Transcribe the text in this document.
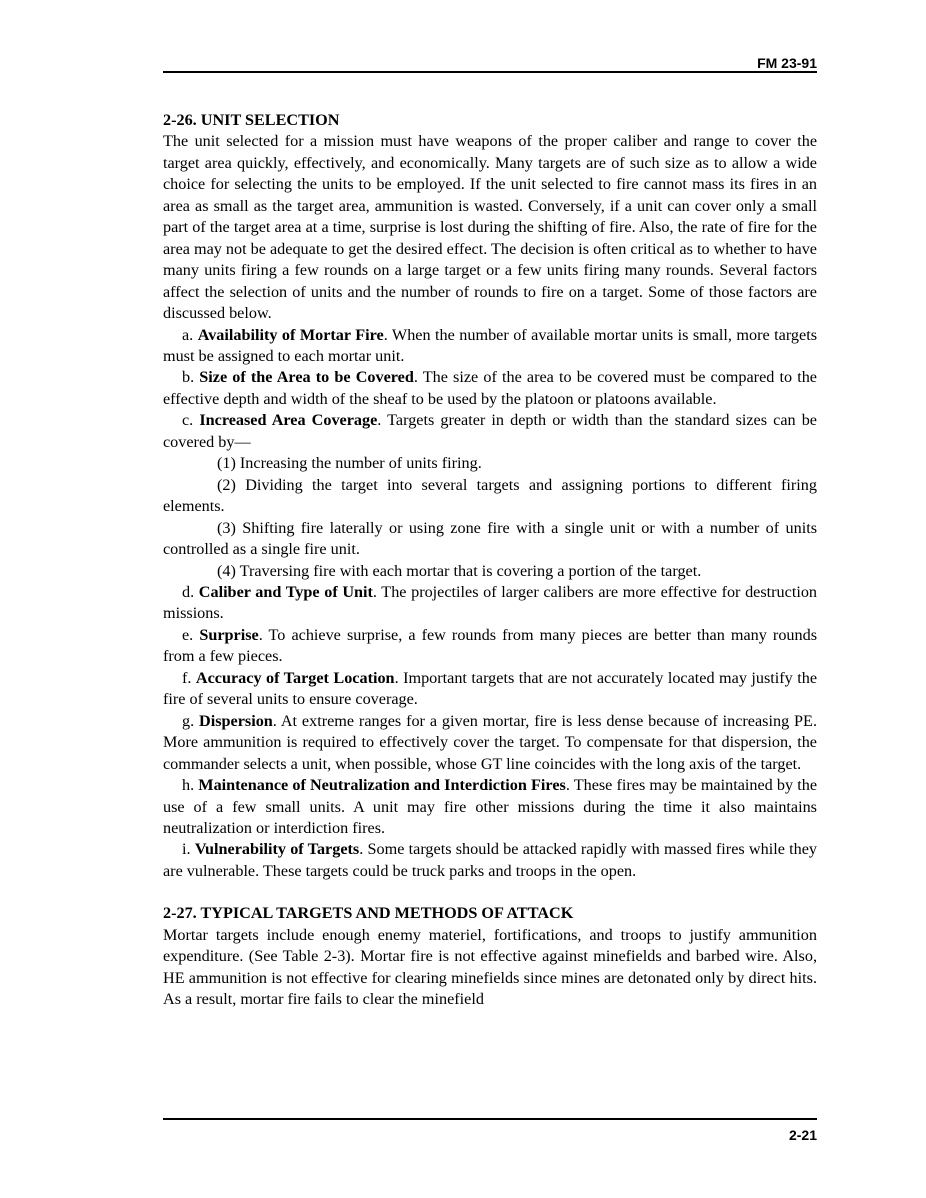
FM 23-91

2-26. UNIT SELECTION

The unit selected for a mission must have weapons of the proper caliber and range to cover the target area quickly, effectively, and economically. Many targets are of such size as to allow a wide choice for selecting the units to be employed. If the unit selected to fire cannot mass its fires in an area as small as the target area, ammunition is wasted. Conversely, if a unit can cover only a small part of the target area at a time, surprise is lost during the shifting of fire. Also, the rate of fire for the area may not be adequate to get the desired effect. The decision is often critical as to whether to have many units firing a few rounds on a large target or a few units firing many rounds. Several factors affect the selection of units and the number of rounds to fire on a target. Some of those factors are discussed below.

a. Availability of Mortar Fire. When the number of available mortar units is small, more targets must be assigned to each mortar unit.

b. Size of the Area to be Covered. The size of the area to be covered must be compared to the effective depth and width of the sheaf to be used by the platoon or platoons available.

c. Increased Area Coverage. Targets greater in depth or width than the standard sizes can be covered by—

(1) Increasing the number of units firing.

(2) Dividing the target into several targets and assigning portions to different firing elements.

(3) Shifting fire laterally or using zone fire with a single unit or with a number of units controlled as a single fire unit.

(4) Traversing fire with each mortar that is covering a portion of the target.

d. Caliber and Type of Unit. The projectiles of larger calibers are more effective for destruction missions.

e. Surprise. To achieve surprise, a few rounds from many pieces are better than many rounds from a few pieces.

f. Accuracy of Target Location. Important targets that are not accurately located may justify the fire of several units to ensure coverage.

g. Dispersion. At extreme ranges for a given mortar, fire is less dense because of increasing PE. More ammunition is required to effectively cover the target. To compensate for that dispersion, the commander selects a unit, when possible, whose GT line coincides with the long axis of the target.

h. Maintenance of Neutralization and Interdiction Fires. These fires may be maintained by the use of a few small units. A unit may fire other missions during the time it also maintains neutralization or interdiction fires.

i. Vulnerability of Targets. Some targets should be attacked rapidly with massed fires while they are vulnerable. These targets could be truck parks and troops in the open.

2-27. TYPICAL TARGETS AND METHODS OF ATTACK

Mortar targets include enough enemy materiel, fortifications, and troops to justify ammunition expenditure. (See Table 2-3). Mortar fire is not effective against minefields and barbed wire. Also, HE ammunition is not effective for clearing minefields since mines are detonated only by direct hits. As a result, mortar fire fails to clear the minefield

2-21
